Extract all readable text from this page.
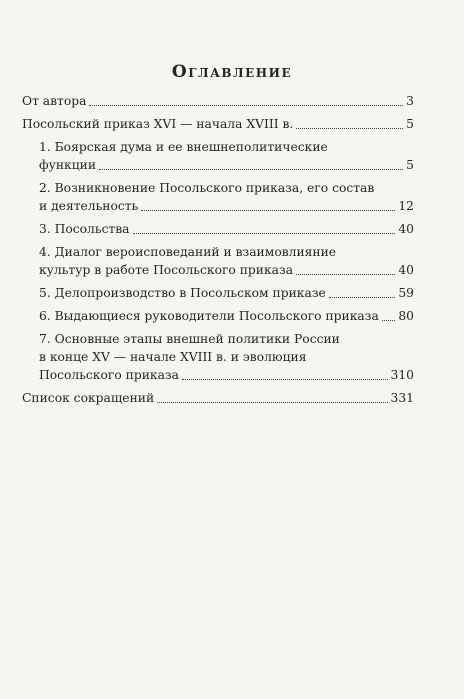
Оглавление
От автора	3
Посольский приказ XVI — начала XVIII в.	5
1. Боярская дума и ее внешнеполитические
функции	5
2. Возникновение Посольского приказа, его состав
и деятельность	12
3. Посольства	40
4. Диалог вероисповеданий и взаимовлияние
культур в работе Посольского приказа	40
5. Делопроизводство в Посольском приказе	59
6. Выдающиеся руководители Посольского приказа 80
7. Основные этапы внешней политики России
в конце XV — начале XVIII в. и эволюция
Посольского приказа	310
Список сокращений	331
